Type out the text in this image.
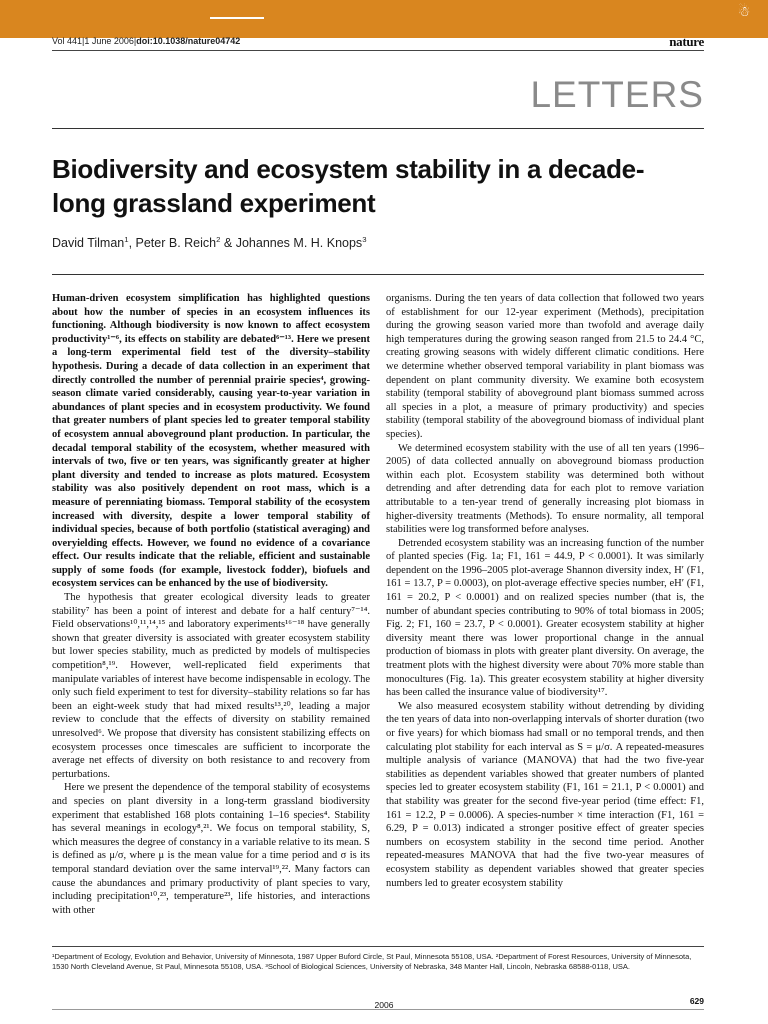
☃
Vol 441|1 June 2006|doi:10.1038/nature04742	nature
LETTERS
Biodiversity and ecosystem stability in a decade-long grassland experiment
David Tilman$^1$, Peter B. Reich$^2$ & Johannes M. H. Knops$^3$

Human-driven ecosystem simplification has highlighted questions about how the number of species in an ecosystem influences its functioning. Although biodiversity is now known to affect ecosystem productivity¹⁻⁶, its effects on stability are debated⁶⁻¹³. Here we present a long-term experimental field test of the diversity–stability hypothesis. During a decade of data collection in an experiment that directly controlled the number of perennial prairie species⁴, growing-season climate varied considerably, causing year-to-year variation in abundances of plant species and in ecosystem productivity. We found that greater numbers of plant species led to greater temporal stability of ecosystem annual aboveground plant production. In particular, the decadal temporal stability of the ecosystem, whether measured with intervals of two, five or ten years, was significantly greater at higher plant diversity and tended to increase as plots matured. Ecosystem stability was also positively dependent on root mass, which is a measure of perenniating biomass. Temporal stability of the ecosystem increased with diversity, despite a lower temporal stability of individual species, because of both portfolio (statistical averaging) and overyielding effects. However, we found no evidence of a covariance effect. Our results indicate that the reliable, efficient and sustainable supply of some foods (for example, livestock fodder), biofuels and ecosystem services can be enhanced by the use of biodiversity.

The hypothesis that greater ecological diversity leads to greater stability⁷ has been a point of interest and debate for a half century⁷⁻¹⁴. Field observations¹⁰,¹¹,¹⁴,¹⁵ and laboratory experiments¹⁶⁻¹⁸ have generally shown that greater diversity is associated with greater ecosystem stability but lower species stability, much as predicted by models of multispecies competition⁸,¹⁹. However, well-replicated field experiments that manipulate variables of interest have become indispensable in ecology. The only such field experiment to test for diversity–stability relations so far has been an eight-week study that had mixed results¹³,²⁰, leading a major review to conclude that the effects of diversity on stability remained unresolved⁶. We propose that diversity has consistent stabilizing effects on ecosystem processes once timescales are sufficient to incorporate the average net effects of diversity on both resistance to and recovery from perturbations.

Here we present the dependence of the temporal stability of ecosystems and species on plant diversity in a long-term grassland biodiversity experiment that established 168 plots containing 1–16 species⁴. Stability has several meanings in ecology⁸,²¹. We focus on temporal stability, S, which measures the degree of constancy in a variable relative to its mean. S is defined as μ/σ, where μ is the mean value for a time period and σ is its temporal standard deviation over the same interval¹⁹,²². Many factors can cause the abundances and primary productivity of plant species to vary, including precipitation¹⁰,²³, temperature²³, life histories, and interactions with other

organisms. During the ten years of data collection that followed two years of establishment for our 12-year experiment (Methods), precipitation during the growing season varied more than twofold and average daily high temperatures during the growing season ranged from 21.5 to 24.4 °C, creating growing seasons with widely different climatic conditions. Here we determine whether observed temporal variability in plant biomass was dependent on plant community diversity. We examine both ecosystem stability (temporal stability of aboveground plant biomass summed across all species in a plot, a measure of primary productivity) and species stability (temporal stability of the aboveground biomass of individual plant species).

We determined ecosystem stability with the use of all ten years (1996–2005) of data collected annually on aboveground biomass production within each plot. Ecosystem stability was determined both without detrending and after detrending data for each plot to remove variation attributable to a ten-year trend of generally increasing plot biomass in higher-diversity treatments (Methods). To ensure normality, all temporal stabilities were log transformed before analyses.

Detrended ecosystem stability was an increasing function of the number of planted species (Fig. 1a; F1, 161 = 44.9, P < 0.0001). It was similarly dependent on the 1996–2005 plot-average Shannon diversity index, H′ (F1, 161 = 13.7, P = 0.0003), on plot-average effective species number, eH′ (F1, 161 = 20.2, P < 0.0001) and on realized species number (that is, the number of abundant species contributing to 90% of total biomass in 2005; Fig. 2; F1, 160 = 23.7, P < 0.0001). Greater ecosystem stability at higher diversity meant there was lower proportional change in the annual production of biomass in plots with greater plant diversity. On average, the treatment plots with the highest diversity were about 70% more stable than monocultures (Fig. 1a). This greater ecosystem stability at higher diversity has been called the insurance value of biodiversity¹⁷.

We also measured ecosystem stability without detrending by dividing the ten years of data into non-overlapping intervals of shorter duration (two or five years) for which biomass had small or no temporal trends, and then calculating plot stability for each interval as S = μ/σ. A repeated-measures multiple analysis of variance (MANOVA) that had the two five-year stabilities as dependent variables showed that greater numbers of planted species led to greater ecosystem stability (F1, 161 = 21.1, P < 0.0001) and that stability was greater for the second five-year period (time effect: F1, 161 = 12.2, P = 0.0006). A species-number × time interaction (F1, 161 = 6.29, P = 0.013) indicated a stronger positive effect of greater species numbers on ecosystem stability in the second time period. Another repeated-measures MANOVA that had the five two-year measures of ecosystem stability as dependent variables showed that greater species numbers led to greater ecosystem stability

¹Department of Ecology, Evolution and Behavior, University of Minnesota, 1987 Upper Buford Circle, St Paul, Minnesota 55108, USA. ²Department of Forest Resources, University of Minnesota, 1530 North Cleveland Avenue, St Paul, Minnesota 55108, USA. ³School of Biological Sciences, University of Nebraska, 348 Manter Hall, Lincoln, Nebraska 68588-0118, USA.
629
2006
